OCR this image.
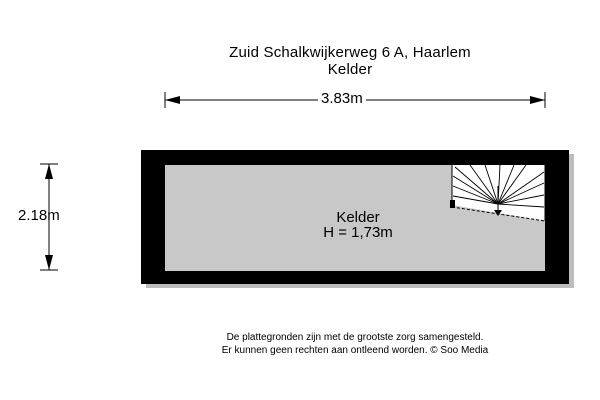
Zuid Schalkwijkerweg 6 A, Haarlem
Kelder
3.83m
2.18m	Kelder
H = 1,73m
De plattegronden zijn met de grootste zorg samengesteld.
Er kunnen geen rechten aan ontleend worden. © Soo Media
